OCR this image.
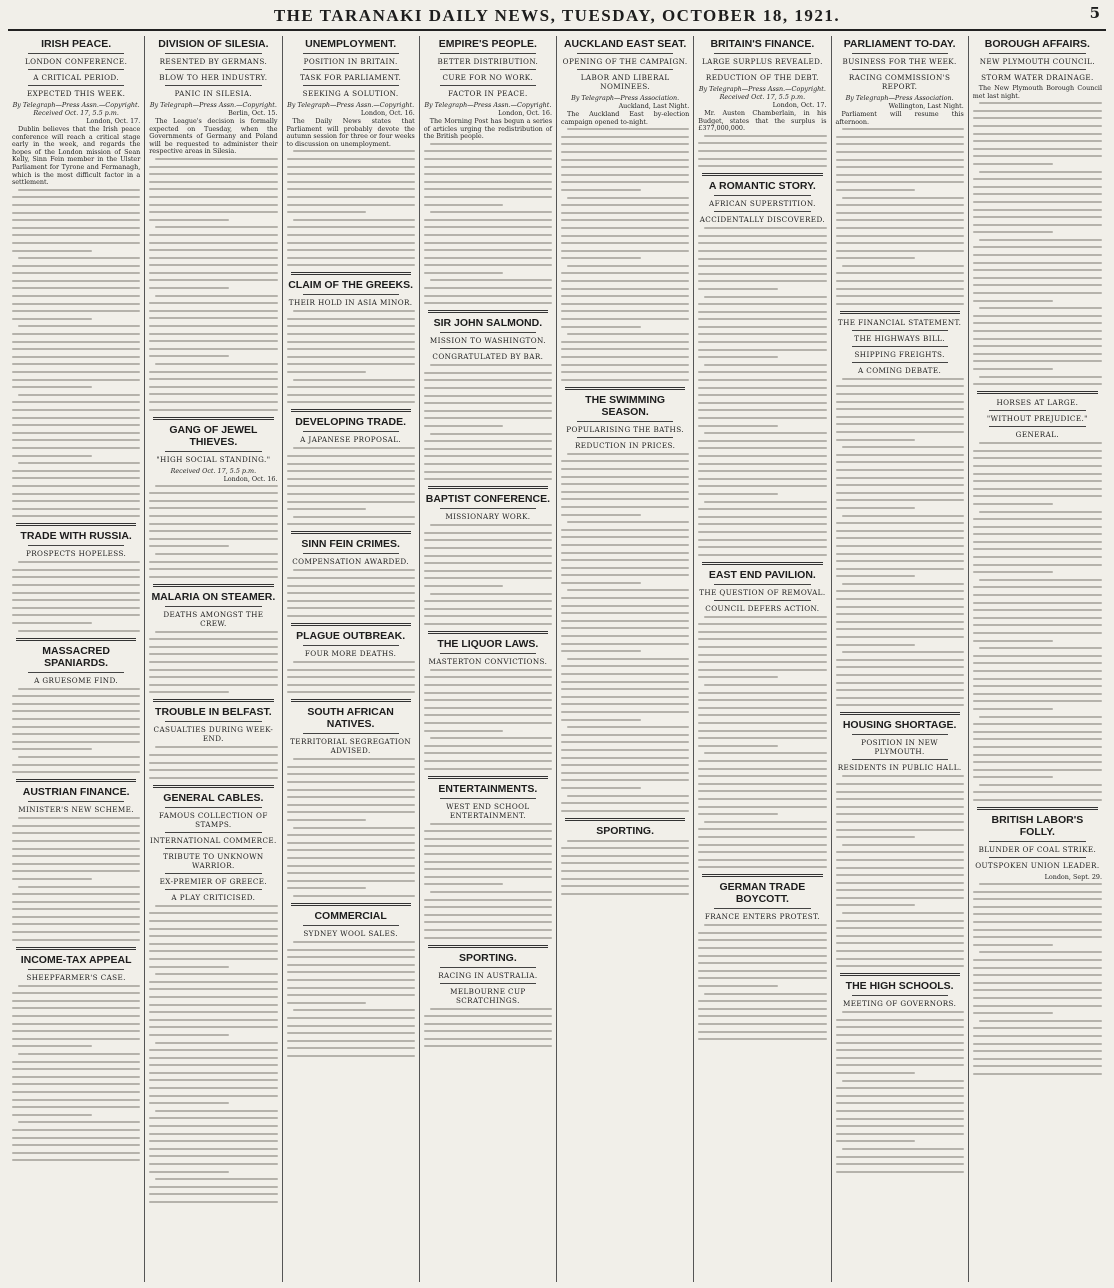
THE TARANAKI DAILY NEWS, TUESDAY, OCTOBER 18, 1921.	5
IRISH PEACE.
LONDON CONFERENCE.
A CRITICAL PERIOD.
EXPECTED THIS WEEK.
By Telegraph—Press Assn.—Copyright.
Received Oct. 17, 5.5 p.m.
London, Oct. 17.
Dublin believes that the Irish peace conference will reach a critical stage early in the week, and regards the hopes of the London mission of Sean Kelly, Sinn Fein member in the Ulster Parliament for Tyrone and Fermanagh, which is the most difficult factor in a settlement.
TRADE WITH RUSSIA.
PROSPECTS HOPELESS.
MASSACRED SPANIARDS.
A GRUESOME FIND.
AUSTRIAN FINANCE.
MINISTER'S NEW SCHEME.
INCOME-TAX APPEAL
SHEEPFARMER'S CASE.
DIVISION OF SILESIA.
RESENTED BY GERMANS.
BLOW TO HER INDUSTRY.
PANIC IN SILESIA.
By Telegraph—Press Assn.—Copyright.
Berlin, Oct. 15.
The League's decision is formally expected on Tuesday, when the Governments of Germany and Poland will be requested to administer their respective areas in Silesia.
GANG OF JEWEL THIEVES.
"HIGH SOCIAL STANDING."
Received Oct. 17, 5.5 p.m.
London, Oct. 16.
MALARIA ON STEAMER.
DEATHS AMONGST THE CREW.
TROUBLE IN BELFAST.
CASUALTIES DURING WEEK-END.
GENERAL CABLES.
FAMOUS COLLECTION OF STAMPS.
INTERNATIONAL COMMERCE.
TRIBUTE TO UNKNOWN WARRIOR.
EX-PREMIER OF GREECE.
A PLAY CRITICISED.
UNEMPLOYMENT.
POSITION IN BRITAIN.
TASK FOR PARLIAMENT.
SEEKING A SOLUTION.
By Telegraph—Press Assn.—Copyright.
London, Oct. 16.
The Daily News states that Parliament will probably devote the autumn session for three or four weeks to discussion on unemployment.
CLAIM OF THE GREEKS.
THEIR HOLD IN ASIA MINOR.
DEVELOPING TRADE.
A JAPANESE PROPOSAL.
SINN FEIN CRIMES.
COMPENSATION AWARDED.
PLAGUE OUTBREAK.
FOUR MORE DEATHS.
SOUTH AFRICAN NATIVES.
TERRITORIAL SEGREGATION ADVISED.
COMMERCIAL
SYDNEY WOOL SALES.
EMPIRE'S PEOPLE.
BETTER DISTRIBUTION.
CURE FOR NO WORK.
FACTOR IN PEACE.
By Telegraph—Press Assn.—Copyright.
London, Oct. 16.
The Morning Post has begun a series of articles urging the redistribution of the British people.
SIR JOHN SALMOND.
MISSION TO WASHINGTON.
CONGRATULATED BY BAR.
BAPTIST CONFERENCE.
MISSIONARY WORK.
THE LIQUOR LAWS.
MASTERTON CONVICTIONS.
ENTERTAINMENTS.
WEST END SCHOOL ENTERTAINMENT.
SPORTING.
RACING IN AUSTRALIA.
MELBOURNE CUP SCRATCHINGS.
AUCKLAND EAST SEAT.
OPENING OF THE CAMPAIGN.
LABOR AND LIBERAL NOMINEES.
By Telegraph—Press Association.
Auckland, Last Night.
The Auckland East by-election campaign opened to-night.
THE SWIMMING SEASON.
POPULARISING THE BATHS.
REDUCTION IN PRICES.
SPORTING.
BRITAIN'S FINANCE.
LARGE SURPLUS REVEALED.
REDUCTION OF THE DEBT.
By Telegraph—Press Assn.—Copyright.
Received Oct. 17, 5.5 p.m.
London, Oct. 17.
Mr. Austen Chamberlain, in his Budget, states that the surplus is £377,000,000.
A ROMANTIC STORY.
AFRICAN SUPERSTITION.
ACCIDENTALLY DISCOVERED.
EAST END PAVILION.
THE QUESTION OF REMOVAL.
COUNCIL DEFERS ACTION.
GERMAN TRADE BOYCOTT.
FRANCE ENTERS PROTEST.
PARLIAMENT TO-DAY.
BUSINESS FOR THE WEEK.
RACING COMMISSION'S REPORT.
By Telegraph—Press Association.
Wellington, Last Night.
Parliament will resume this afternoon.
THE FINANCIAL STATEMENT.
THE HIGHWAYS BILL.
SHIPPING FREIGHTS.
A COMING DEBATE.
HOUSING SHORTAGE.
POSITION IN NEW PLYMOUTH.
RESIDENTS IN PUBLIC HALL.
THE HIGH SCHOOLS.
MEETING OF GOVERNORS.
BOROUGH AFFAIRS.
NEW PLYMOUTH COUNCIL.
STORM WATER DRAINAGE.
The New Plymouth Borough Council met last night.
HORSES AT LARGE.
"WITHOUT PREJUDICE."
GENERAL.
BRITISH LABOR'S FOLLY.
BLUNDER OF COAL STRIKE.
OUTSPOKEN UNION LEADER.
London, Sept. 29.
